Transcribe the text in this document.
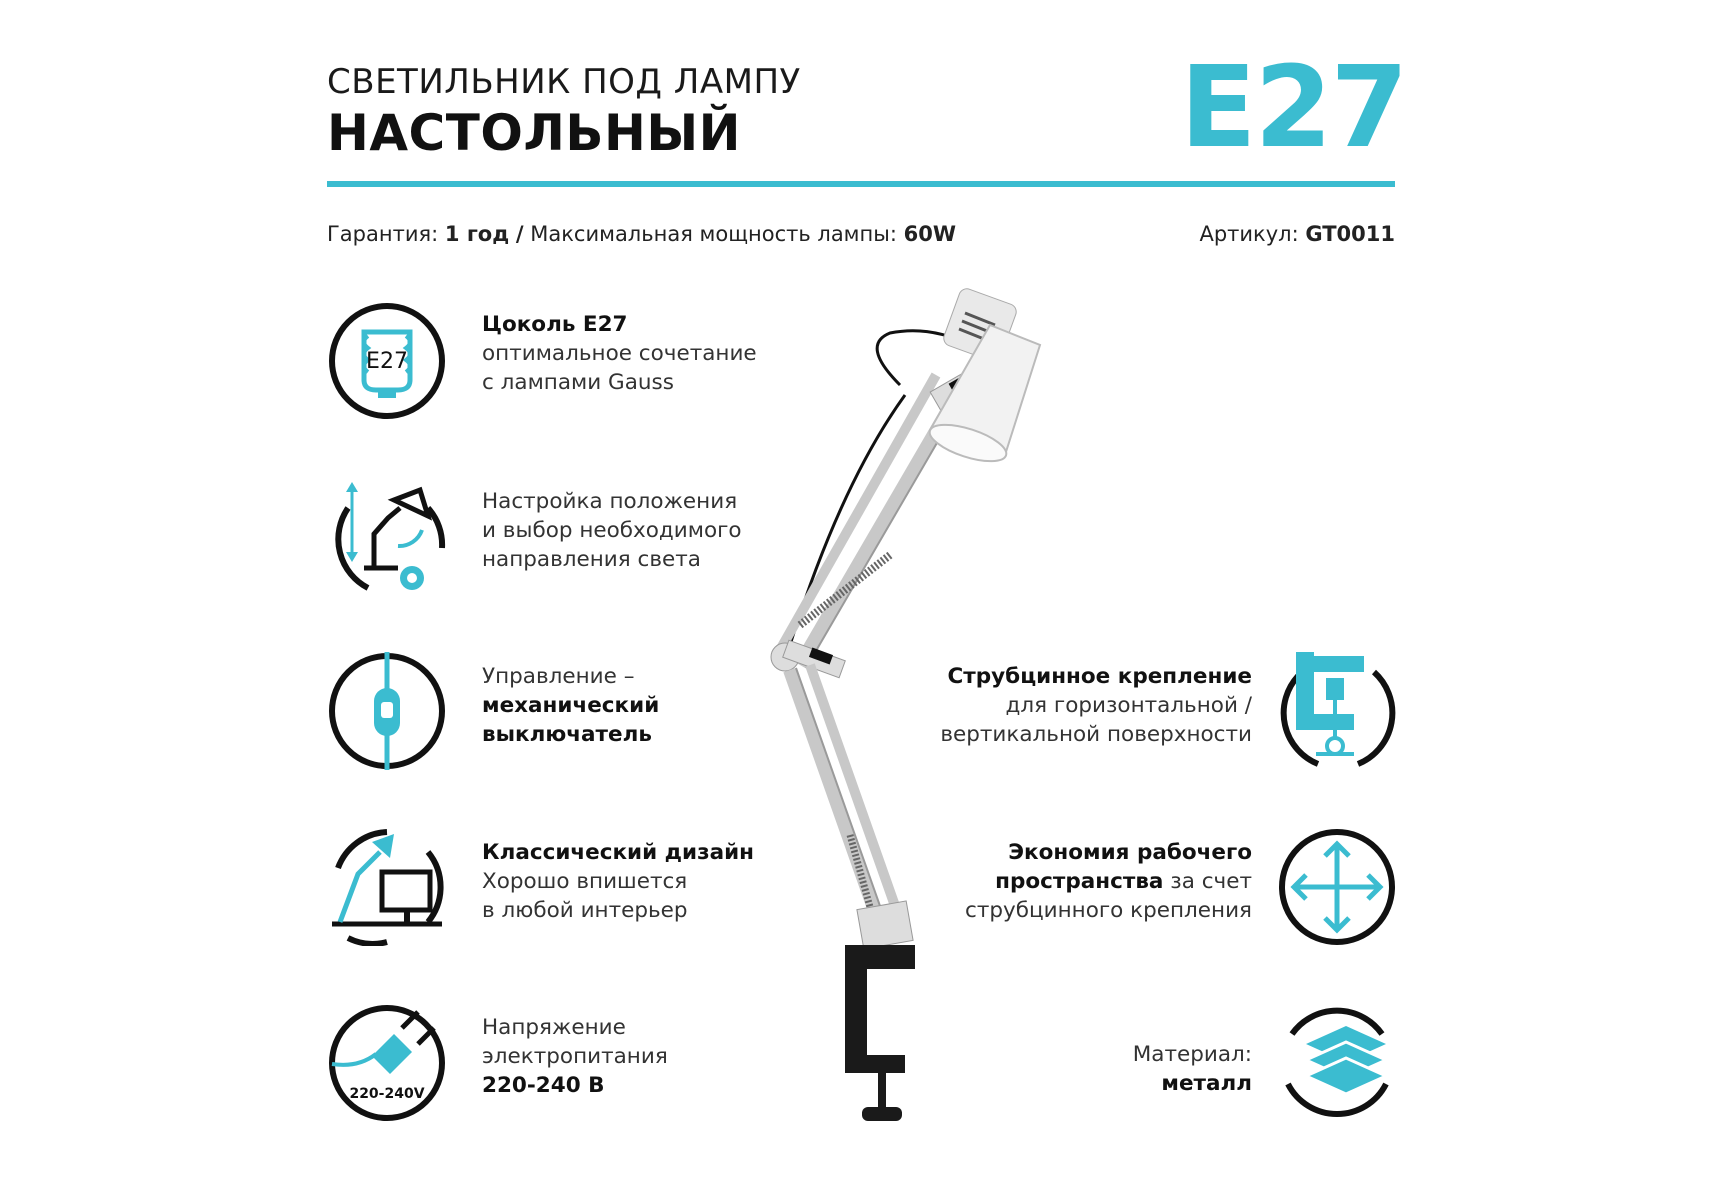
СВЕТИЛЬНИК ПОД ЛАМПУ
НАСТОЛЬНЫЙ	E27
Гарантия: 1 год / Максимальная мощность лампы: 60W	Артикул: GT0011
E27
Цоколь E27
оптимальное сочетание
с лампами Gauss
Настройка положения
и выбор необходимого
направления света
Управление –
механический
выключатель
Классический дизайн
Хорошо впишется
в любой интерьер
220-240V
Напряжение
электропитания
220-240 В
Струбцинное крепление
для горизонтальной /
вертикальной поверхности
Экономия рабочего
пространства за счет
струбцинного крепления
Материал:
металл
